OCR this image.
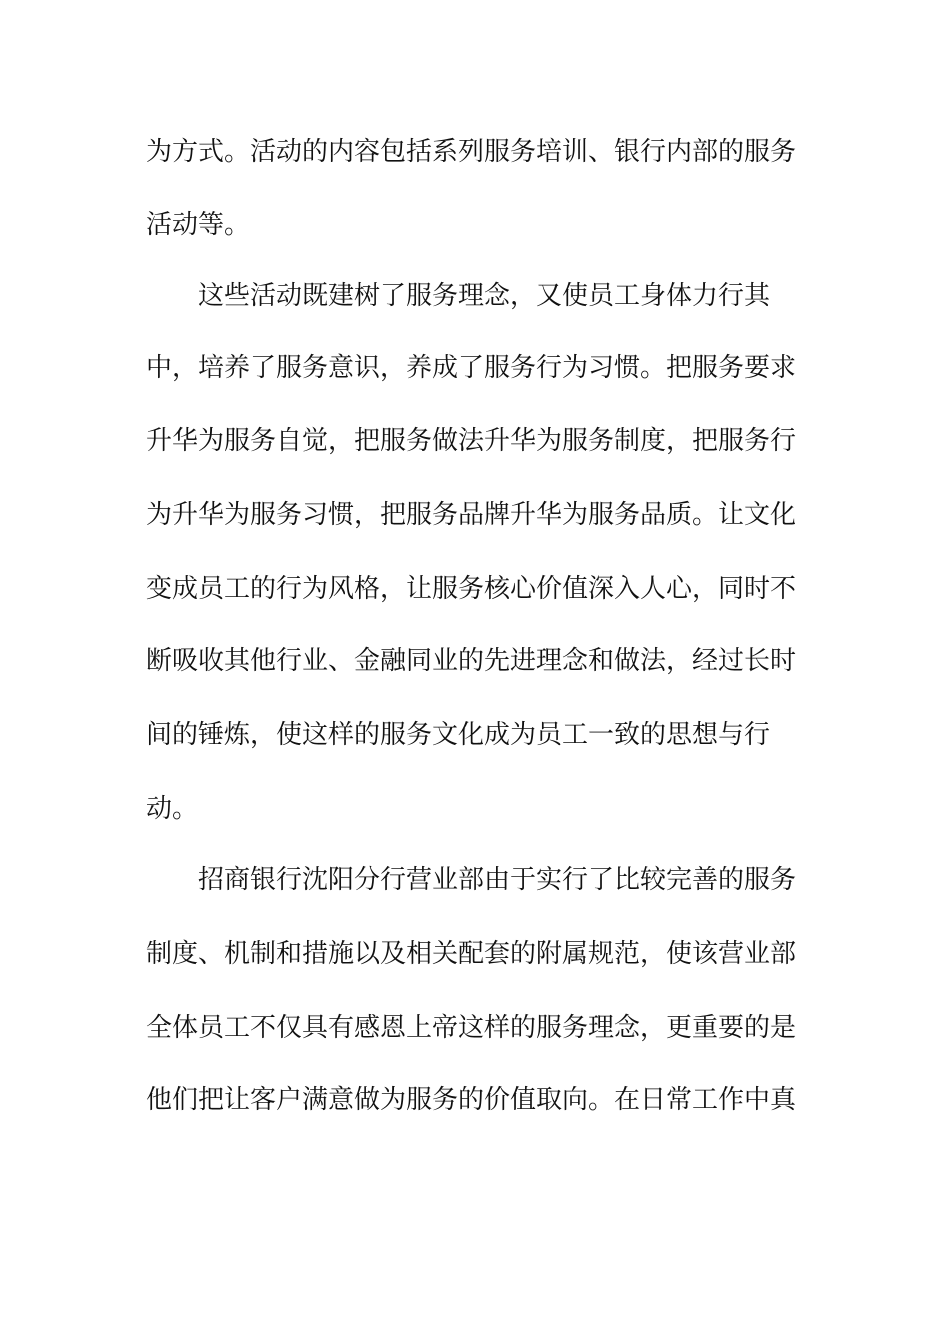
为方式。活动的内容包括系列服务培训、银行内部的服务
活动等。
这些活动既建树了服务理念，又使员工身体力行其
中，培养了服务意识，养成了服务行为习惯。把服务要求
升华为服务自觉，把服务做法升华为服务制度，把服务行
为升华为服务习惯，把服务品牌升华为服务品质。让文化
变成员工的行为风格，让服务核心价值深入人心，同时不
断吸收其他行业、金融同业的先进理念和做法，经过长时
间的锤炼，使这样的服务文化成为员工一致的思想与行
动。
招商银行沈阳分行营业部由于实行了比较完善的服务
制度、机制和措施以及相关配套的附属规范，使该营业部
全体员工不仅具有感恩上帝这样的服务理念，更重要的是
他们把让客户满意做为服务的价值取向。在日常工作中真
